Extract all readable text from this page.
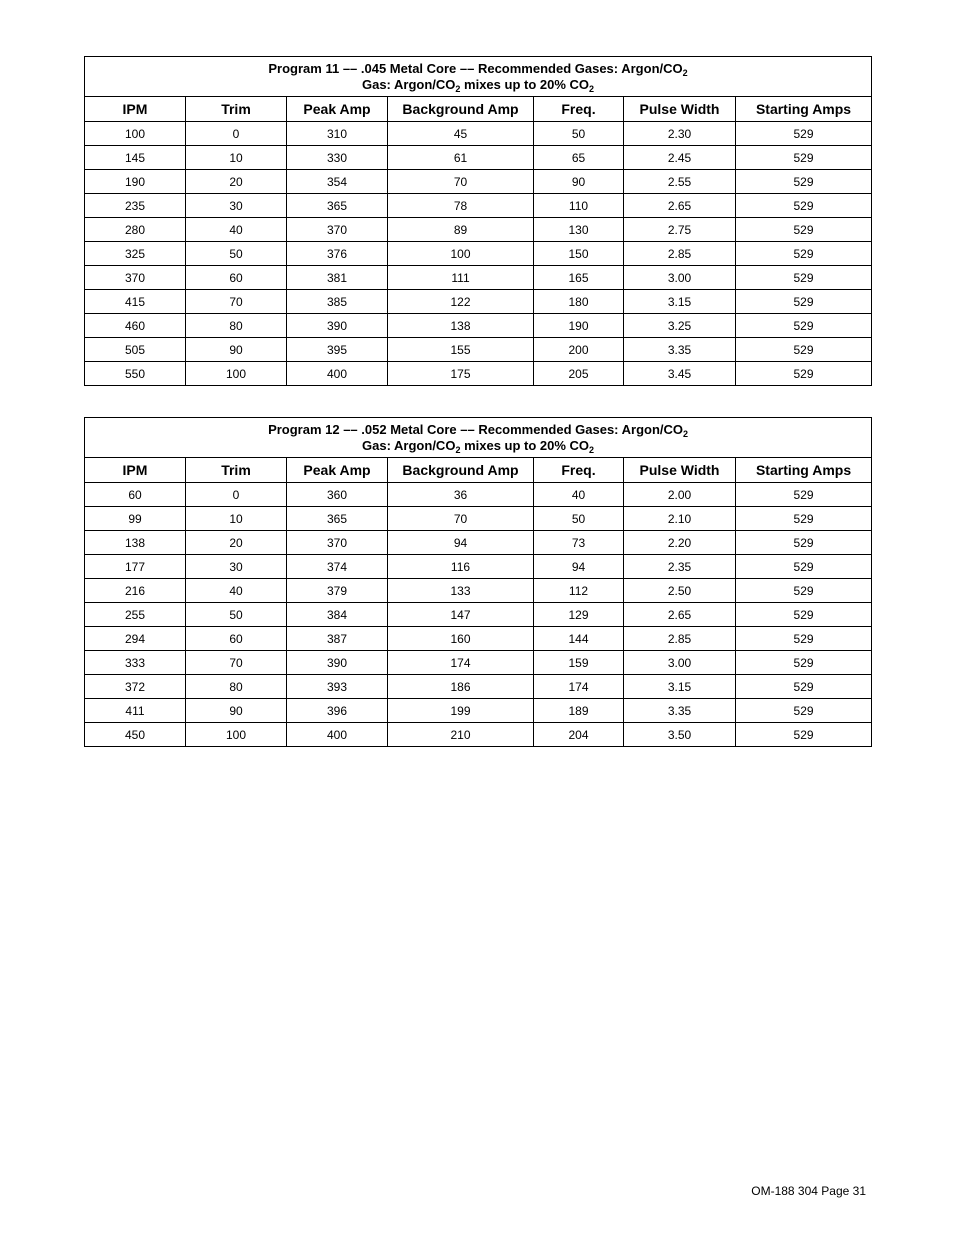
Program 11 –– .045 Metal Core –– Recommended Gases: Argon/$CO_2$
Gas: Argon/$CO_2$ mixes up to 20% $CO_2$
IPM	Trim	Peak Amp	Background Amp	Freq.	Pulse Width	Starting Amps
100	0	310	45	50	2.30	529
145	10	330	61	65	2.45	529
190	20	354	70	90	2.55	529
235	30	365	78	110	2.65	529
280	40	370	89	130	2.75	529
325	50	376	100	150	2.85	529
370	60	381	111	165	3.00	529
415	70	385	122	180	3.15	529
460	80	390	138	190	3.25	529
505	90	395	155	200	3.35	529
550	100	400	175	205	3.45	529
Program 12 –– .052 Metal Core –– Recommended Gases: Argon/$CO_2$
Gas: Argon/$CO_2$ mixes up to 20% $CO_2$
IPM	Trim	Peak Amp	Background Amp	Freq.	Pulse Width	Starting Amps
60	0	360	36	40	2.00	529
99	10	365	70	50	2.10	529
138	20	370	94	73	2.20	529
177	30	374	116	94	2.35	529
216	40	379	133	112	2.50	529
255	50	384	147	129	2.65	529
294	60	387	160	144	2.85	529
333	70	390	174	159	3.00	529
372	80	393	186	174	3.15	529
411	90	396	199	189	3.35	529
450	100	400	210	204	3.50	529
OM-188 304 Page 31
